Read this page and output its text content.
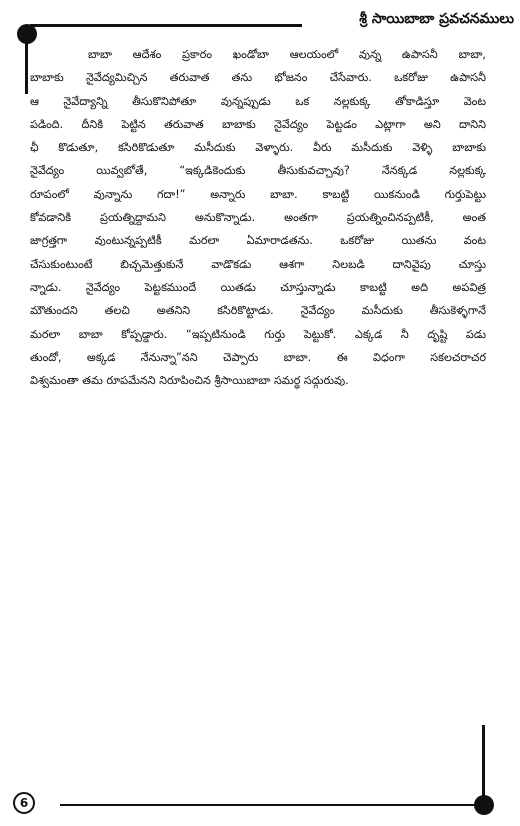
శ్రీ సాయిబాబా ప్రవచనములు
బాబా ఆదేశం ప్రకారం ఖండోబా ఆలయంలో వున్న ఉపాసనీ బాబా,
బాబాకు నైవేద్యమిచ్చిన తరువాత తను భోజనం చేసేవారు. ఒకరోజు ఉపాసనీ
ఆ నైవేద్యాన్ని తీసుకొనిపోతూ వున్నప్పుడు ఒక నల్లకుక్క తోకాడిస్తూ వెంట
పడింది. దీనికి పెట్టిన తరువాత బాబాకు నైవేద్యం పెట్టడం ఎట్లాగా అని దానిని
ఛీ కొడుతూ, కసిరికొడుతూ మసీదుకు వెళ్ళారు. వీరు మసీదుకు వెళ్ళి బాబాకు
నైవేద్యం యివ్వబోతే, “ఇక్కడికెందుకు తీసుకువచ్చావు? నేనక్కడ నల్లకుక్క
రూపంలో వున్నాను గదా!” అన్నారు బాబా. కాబట్టి యికనుండి గుర్తుపెట్టు
కోవడానికి ప్రయత్నిద్దామని అనుకొన్నాడు. అంతగా ప్రయత్నించినప్పటికీ, అంత
జాగ్రత్తగా వుంటున్నప్పటికీ మరలా ఏమారాడతను. ఒకరోజు యితను వంట
చేసుకుంటుంటే బిచ్చమెత్తుకునే వాడొకడు ఆశగా నిలబడి దానివైపు చూస్తు
న్నాడు. నైవేద్యం పెట్టకముందే యితడు చూస్తున్నాడు కాబట్టి అది అపవిత్ర
మౌతుందని తలచి అతనిని కసిరికొట్టాడు. నైవేద్యం మసీదుకు తీసుకెళ్ళగానే
మరలా బాబా కోప్పడ్డారు. “ఇప్పటినుండి గుర్తు పెట్టుకో. ఎక్కడ నీ దృష్టి పడు
తుందో, అక్కడ నేనున్నా”నని చెప్పారు బాబా. ఈ విధంగా సకలచరాచర
విశ్వమంతా తమ రూపమేనని నిరూపించిన శ్రీసాయిబాబా సమర్థ సద్గురువు.
6
